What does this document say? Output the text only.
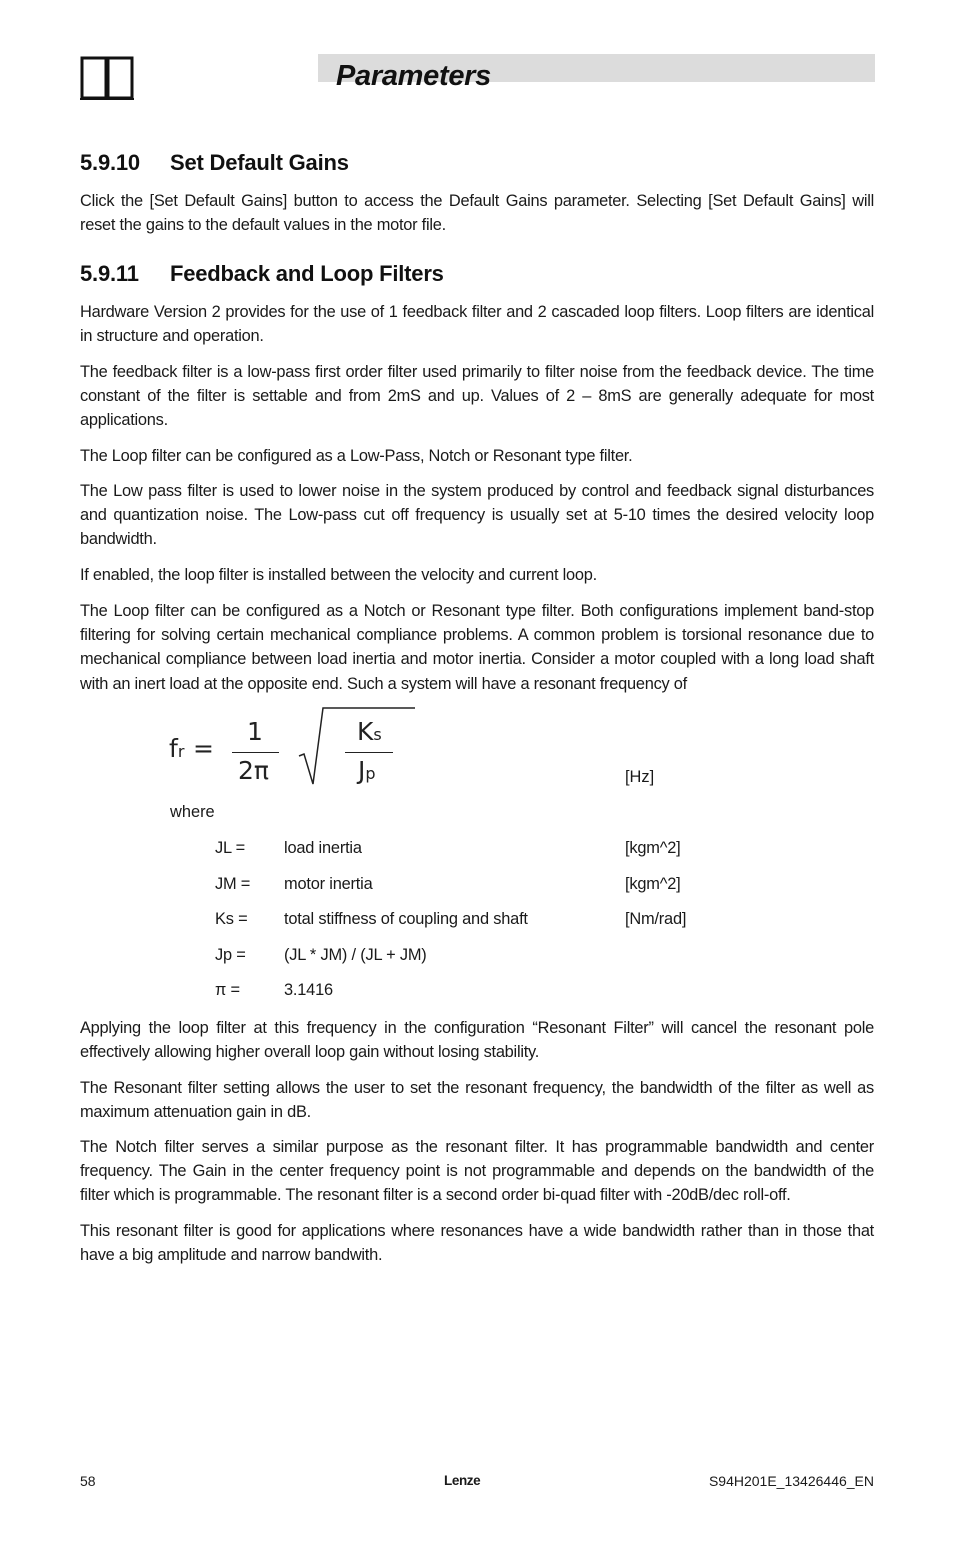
Parameters
5.9.10 Set Default Gains

Click the [Set Default Gains] button to access the Default Gains parameter. Selecting [Set Default Gains] will reset the gains to the default values in the motor file.

5.9.11 Feedback and Loop Filters

Hardware Version 2 provides for the use of 1 feedback filter and 2 cascaded loop filters. Loop filters are identical in structure and operation.

The feedback filter is a low-pass first order filter used primarily to filter noise from the feedback device. The time constant of the filter is settable and from 2mS and up. Values of 2 – 8mS are generally adequate for most applications.

The Loop filter can be configured as a Low-Pass, Notch or Resonant type filter.

The Low pass filter is used to lower noise in the system produced by control and feedback signal disturbances and quantization noise. The Low-pass cut off frequency is usually set at 5-10 times the desired velocity loop bandwidth.

If enabled, the loop filter is installed between the velocity and current loop.

The Loop filter can be configured as a Notch or Resonant type filter. Both configurations implement band-stop filtering for solving certain mechanical compliance problems. A common problem is torsional resonance due to mechanical compliance between load inertia and motor inertia. Consider a motor coupled with a long load shaft with an inert load at the opposite end. Such a system will have a resonant frequency of

fr =
1
2π
Ks
Jp	[Hz]
where
JL = load inertia	[kgm^2]
JM = motor inertia	[kgm^2]
Ks = total stiffness of coupling and shaft	[Nm/rad]
Jp = (JL * JM) / (JL + JM)
π =	3.1416

Applying the loop filter at this frequency in the configuration “Resonant Filter” will cancel the resonant pole effectively allowing higher overall loop gain without losing stability.

The Resonant filter setting allows the user to set the resonant frequency, the bandwidth of the filter as well as maximum attenuation gain in dB.

The Notch filter serves a similar purpose as the resonant filter. It has programmable bandwidth and center frequency. The Gain in the center frequency point is not programmable and depends on the bandwidth of the filter which is programmable. The resonant filter is a second order bi-quad filter with -20dB/dec roll-off.

This resonant filter is good for applications where resonances have a wide bandwidth rather than in those that have a big amplitude and narrow bandwith.

58	Lenze	S94H201E_13426446_EN
